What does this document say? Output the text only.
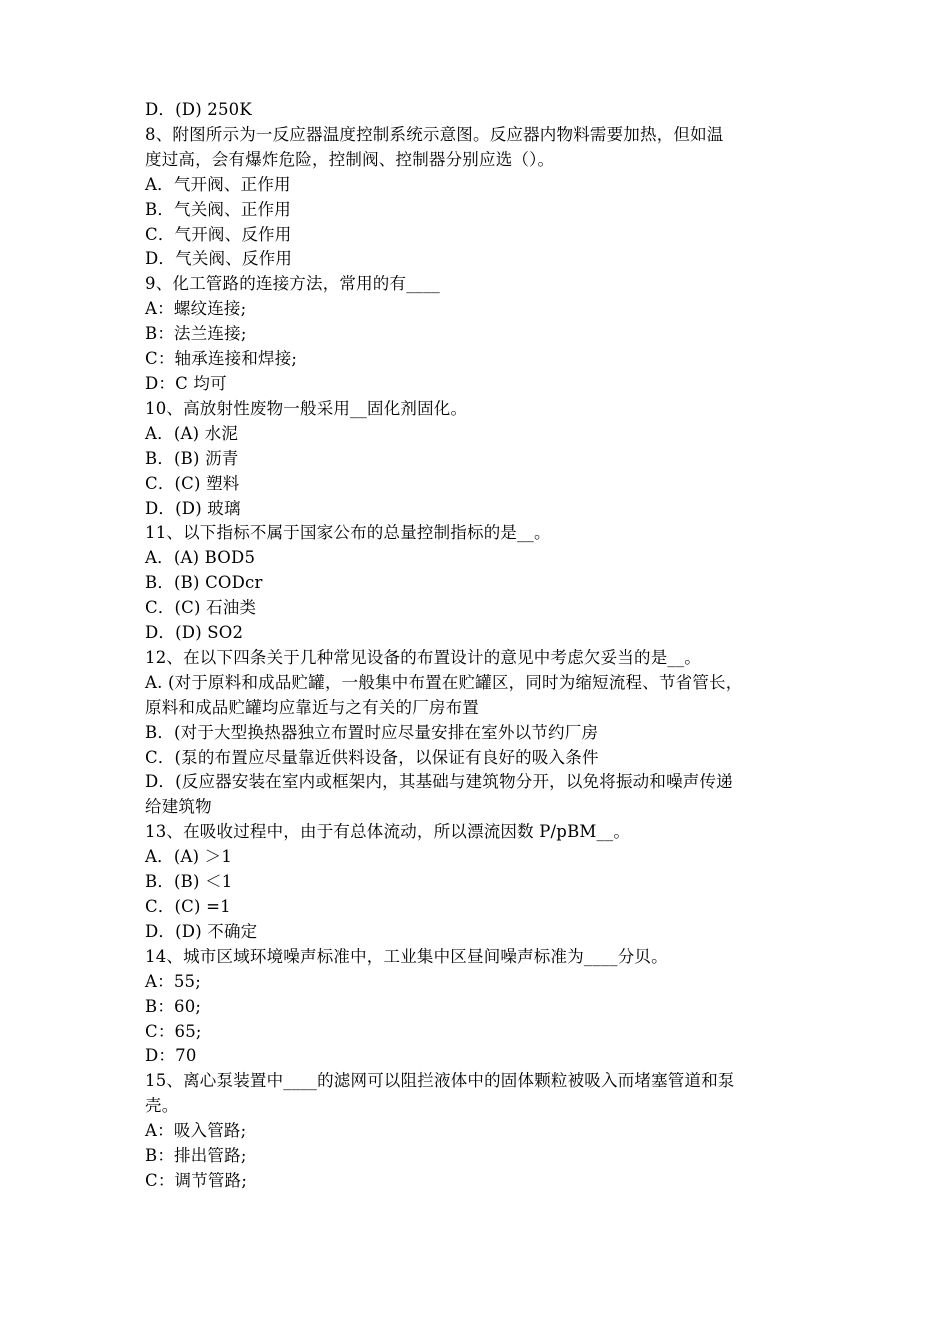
D．(D) 250K
8、附图所示为一反应器温度控制系统示意图。反应器内物料需要加热，但如温
度过高，会有爆炸危险，控制阀、控制器分别应选（）。
A．气开阀、正作用
B．气关阀、正作用
C．气开阀、反作用
D．气关阀、反作用
9、化工管路的连接方法，常用的有____
A：螺纹连接;
B：法兰连接;
C：轴承连接和焊接;
D：C 均可
10、高放射性废物一般采用__固化剂固化。
A．(A) 水泥
B．(B) 沥青
C．(C) 塑料
D．(D) 玻璃
11、以下指标不属于国家公布的总量控制指标的是__。
A．(A) BOD5
B．(B) CODcr
C．(C) 石油类
D．(D) SO2
12、在以下四条关于几种常见设备的布置设计的意见中考虑欠妥当的是__。
A. (对于原料和成品贮罐，一般集中布置在贮罐区，同时为缩短流程、节省管长，
原料和成品贮罐均应靠近与之有关的厂房布置
B．(对于大型换热器独立布置时应尽量安排在室外以节约厂房
C．(泵的布置应尽量靠近供料设备，以保证有良好的吸入条件
D．(反应器安装在室内或框架内，其基础与建筑物分开，以免将振动和噪声传递
给建筑物
13、在吸收过程中，由于有总体流动，所以漂流因数 P/pBM__。
A．(A) ＞1
B．(B) ＜1
C．(C) =1
D．(D) 不确定
14、城市区域环境噪声标准中，工业集中区昼间噪声标准为____分贝。
A：55;
B：60;
C：65;
D：70
15、离心泵装置中____的滤网可以阻拦液体中的固体颗粒被吸入而堵塞管道和泵
壳。
A：吸入管路;
B：排出管路;
C：调节管路;
